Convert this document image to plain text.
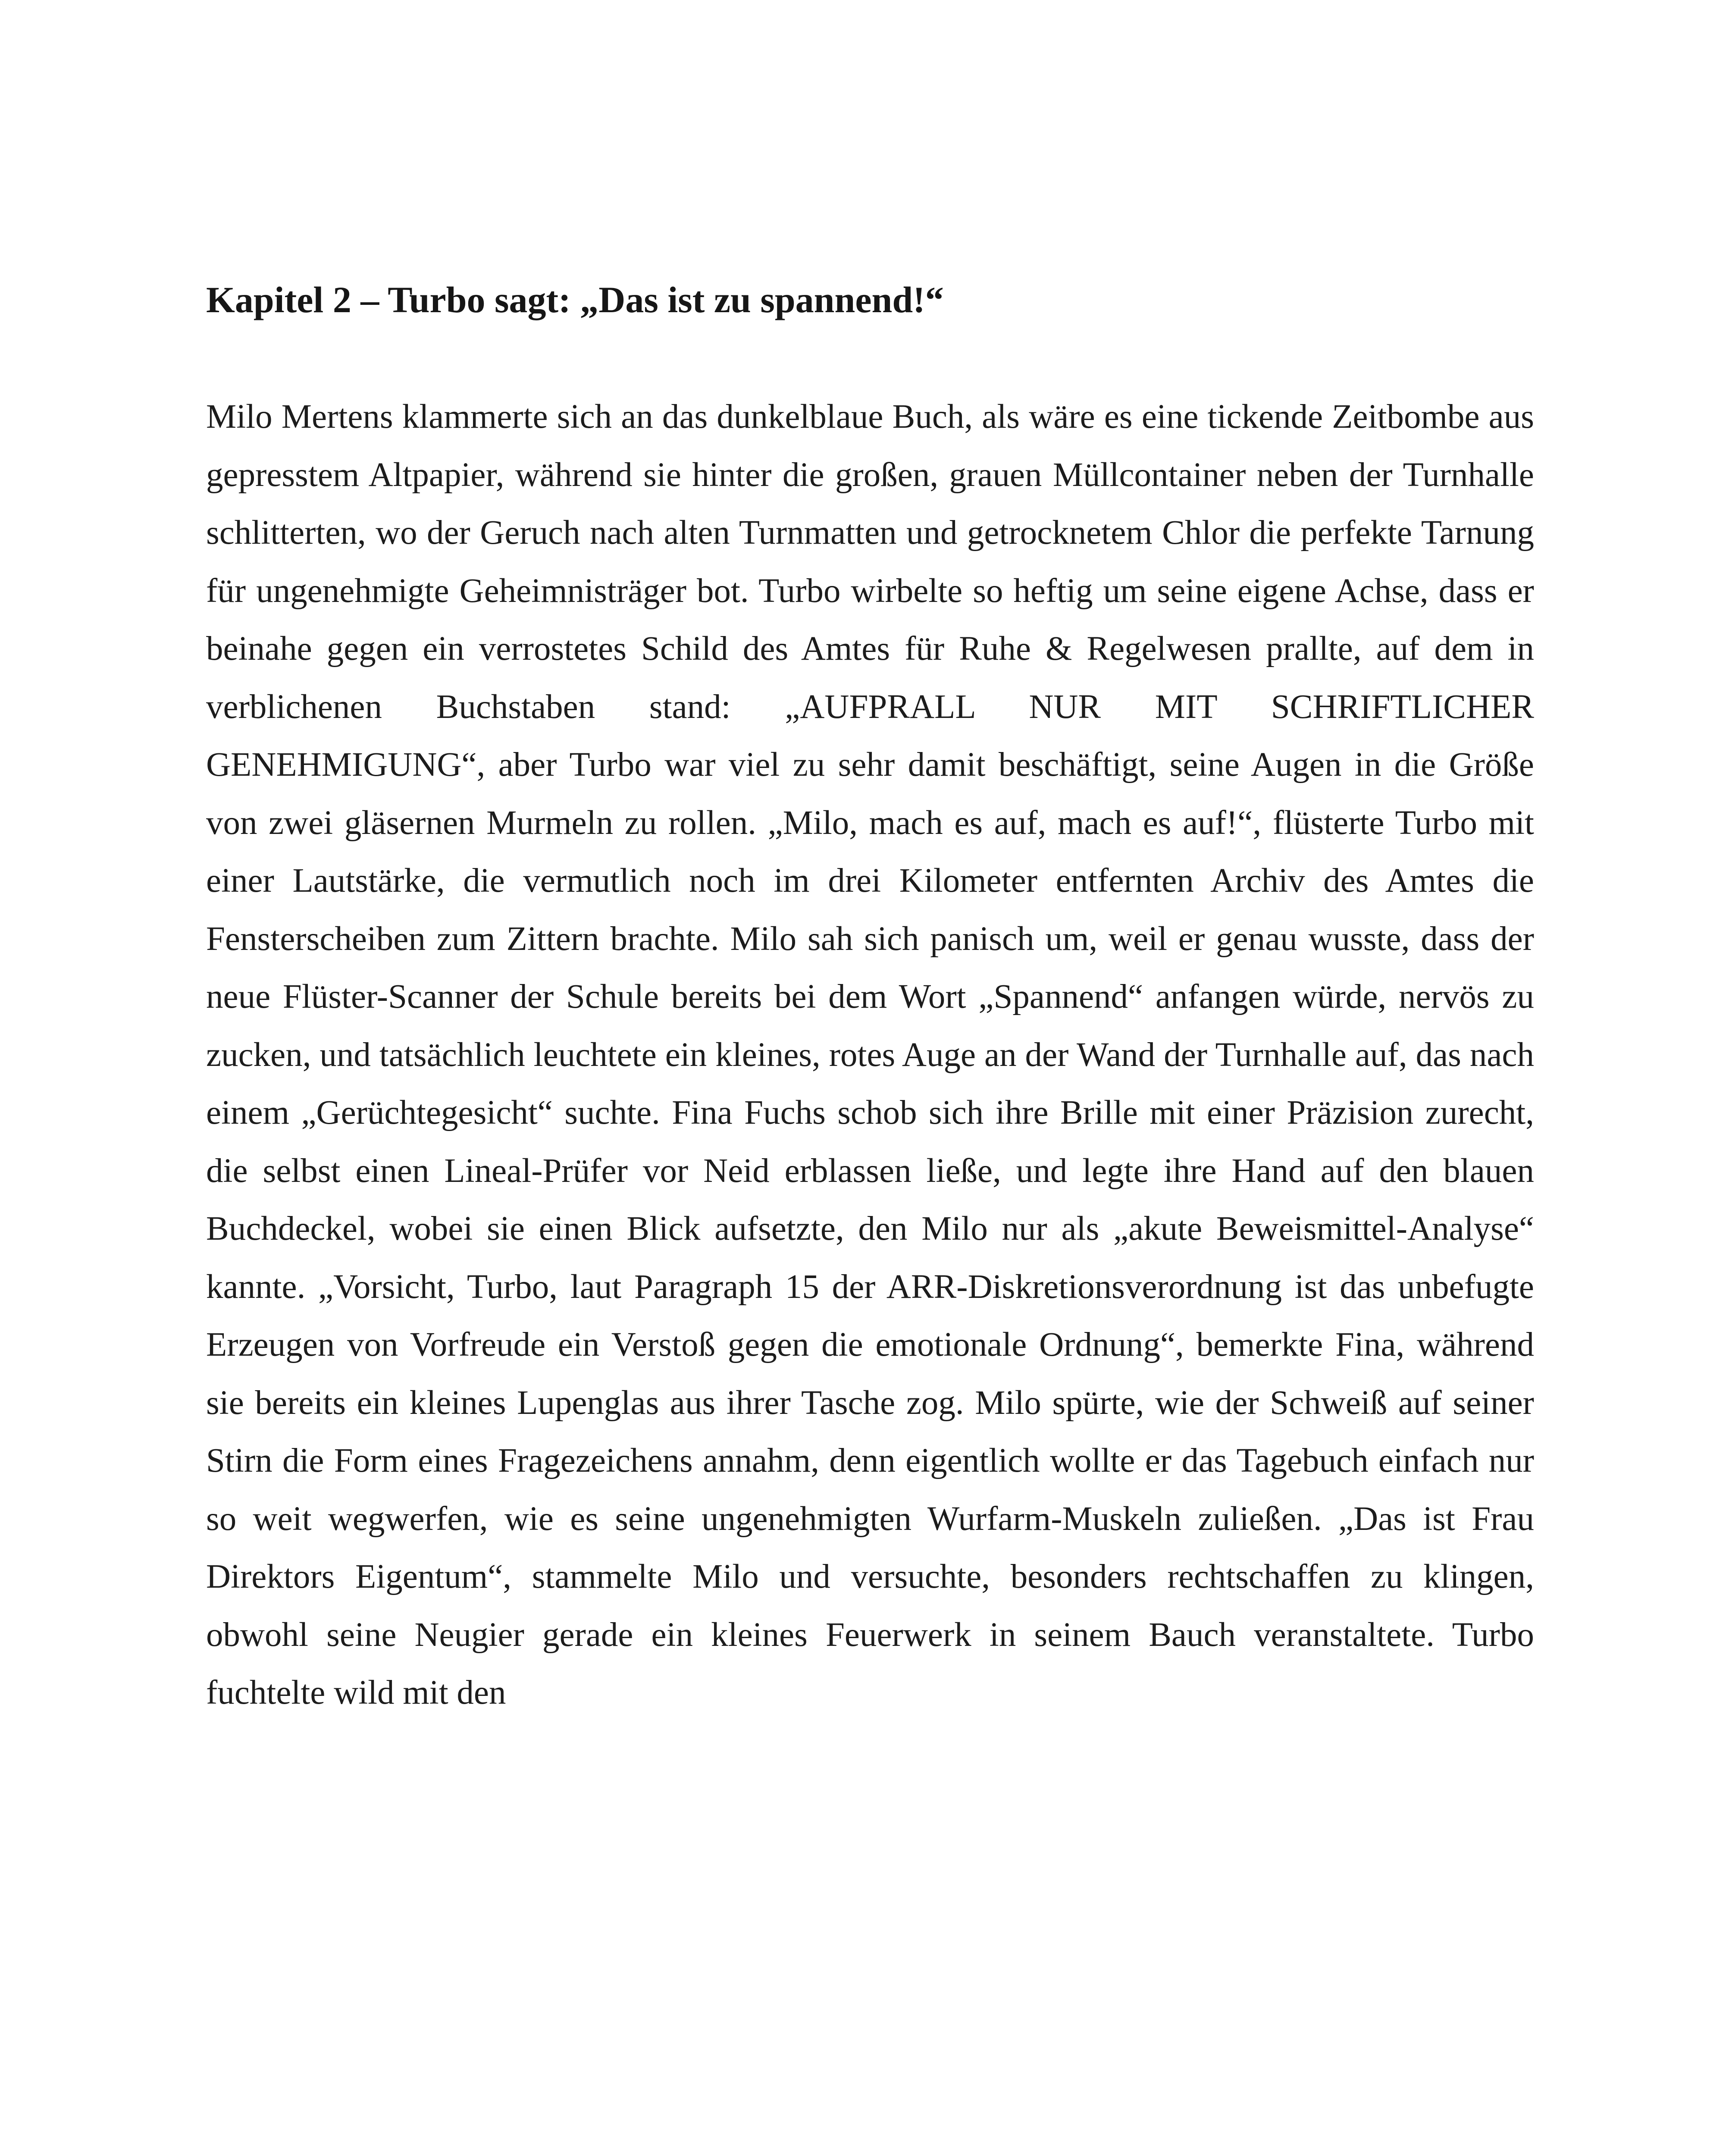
Kapitel 2 – Turbo sagt: „Das ist zu spannend!“

Milo Mertens klammerte sich an das dunkelblaue Buch, als wäre es eine tickende Zeitbombe aus gepresstem Altpapier, während sie hinter die großen, grauen Müllcontainer neben der Turnhalle schlitterten, wo der Geruch nach alten Turnmatten und getrocknetem Chlor die perfekte Tarnung für ungenehmigte Geheimnisträger bot. Turbo wirbelte so heftig um seine eigene Achse, dass er beinahe gegen ein verrostetes Schild des Amtes für Ruhe & Regelwesen prallte, auf dem in verblichenen Buchstaben stand: „AUFPRALL NUR MIT SCHRIFTLICHER GENEHMIGUNG“, aber Turbo war viel zu sehr damit beschäftigt, seine Augen in die Größe von zwei gläsernen Murmeln zu rollen. „Milo, mach es auf, mach es auf!“, flüsterte Turbo mit einer Lautstärke, die vermutlich noch im drei Kilometer entfernten Archiv des Amtes die Fensterscheiben zum Zittern brachte. Milo sah sich panisch um, weil er genau wusste, dass der neue Flüster-Scanner der Schule bereits bei dem Wort „Spannend“ anfangen würde, nervös zu zucken, und tatsächlich leuchtete ein kleines, rotes Auge an der Wand der Turnhalle auf, das nach einem „Gerüchtegesicht“ suchte. Fina Fuchs schob sich ihre Brille mit einer Präzision zurecht, die selbst einen Lineal-Prüfer vor Neid erblassen ließe, und legte ihre Hand auf den blauen Buchdeckel, wobei sie einen Blick aufsetzte, den Milo nur als „akute Beweismittel-Analyse“ kannte. „Vorsicht, Turbo, laut Paragraph 15 der ARR-Diskretionsverordnung ist das unbefugte Erzeugen von Vorfreude ein Verstoß gegen die emotionale Ordnung“, bemerkte Fina, während sie bereits ein kleines Lupenglas aus ihrer Tasche zog. Milo spürte, wie der Schweiß auf seiner Stirn die Form eines Fragezeichens annahm, denn eigentlich wollte er das Tagebuch einfach nur so weit wegwerfen, wie es seine ungenehmigten Wurfarm-Muskeln zuließen. „Das ist Frau Direktors Eigentum“, stammelte Milo und versuchte, besonders rechtschaffen zu klingen, obwohl seine Neugier gerade ein kleines Feuerwerk in seinem Bauch veranstaltete. Turbo fuchtelte wild mit den
